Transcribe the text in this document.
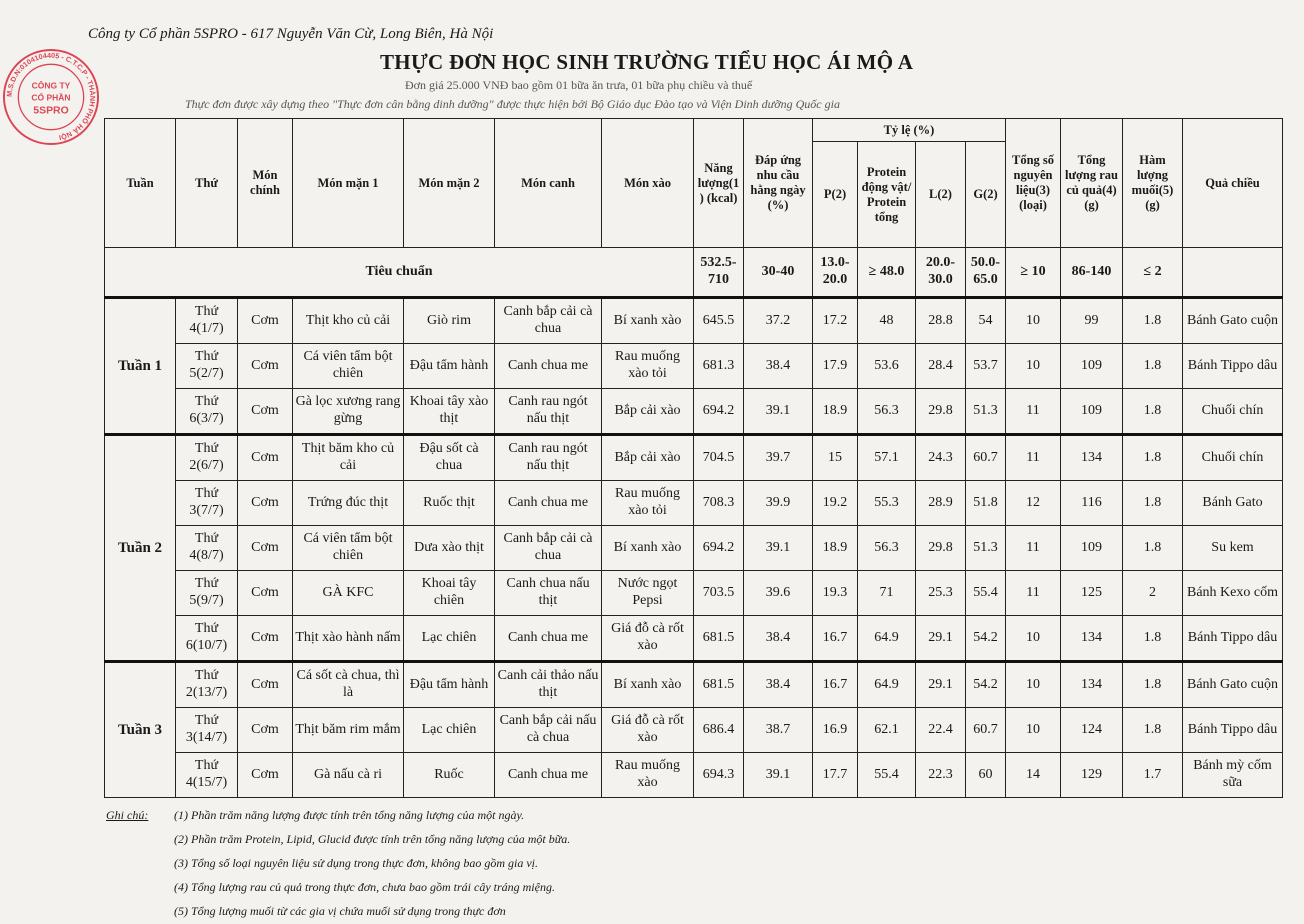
Công ty Cổ phần 5SPRO - 617 Nguyễn Văn Cừ, Long Biên, Hà Nội
THỰC ĐƠN HỌC SINH TRƯỜNG TIỂU HỌC ÁI MỘ A
Đơn giá 25.000 VNĐ bao gồm 01 bữa ăn trưa, 01 bữa phụ chiều và thuế
Thực đơn được xây dựng theo "Thực đơn cân bằng dinh dưỡng" được thực hiện bởi Bộ Giáo dục Đào tạo và Viện Dinh dưỡng Quốc gia
Tuần	Thứ	Món chính	Món mặn 1	Món mặn 2	Món canh	Món xào	Năng lượng(1) (kcal)	Đáp ứng nhu cầu hằng ngày (%)	Tỷ lệ (%)				Tổng số nguyên liệu(3) (loại)	Tổng lượng rau củ quả(4) (g)	Hàm lượng muối(5) (g)	Quả chiều
									P(2)	Protein động vật/ Protein tổng	L(2)	G(2)				
Tiêu chuẩn							532.5-710	30-40	13.0-20.0	≥ 48.0	20.0-30.0	50.0-65.0	≥ 10	86-140	≤ 2	
Tuần 1	Thứ 4(1/7)	Cơm	Thịt kho củ cải	Giò rim	Canh bắp cải cà chua	Bí xanh xào	645.5	37.2	17.2	48	28.8	54	10	99	1.8	Bánh Gato cuộn
	Thứ 5(2/7)	Cơm	Cá viên tẩm bột chiên	Đậu tẩm hành	Canh chua me	Rau muống xào tỏi	681.3	38.4	17.9	53.6	28.4	53.7	10	109	1.8	Bánh Tippo dâu
	Thứ 6(3/7)	Cơm	Gà lọc xương rang gừng	Khoai tây xào thịt	Canh rau ngót nấu thịt	Bắp cải xào	694.2	39.1	18.9	56.3	29.8	51.3	11	109	1.8	Chuối chín
Tuần 2	Thứ 2(6/7)	Cơm	Thịt băm kho củ cải	Đậu sốt cà chua	Canh rau ngót nấu thịt	Bắp cải xào	704.5	39.7	15	57.1	24.3	60.7	11	134	1.8	Chuối chín
	Thứ 3(7/7)	Cơm	Trứng đúc thịt	Ruốc thịt	Canh chua me	Rau muống xào tỏi	708.3	39.9	19.2	55.3	28.9	51.8	12	116	1.8	Bánh Gato
	Thứ 4(8/7)	Cơm	Cá viên tẩm bột chiên	Dưa xào thịt	Canh bắp cải cà chua	Bí xanh xào	694.2	39.1	18.9	56.3	29.8	51.3	11	109	1.8	Su kem
	Thứ 5(9/7)	Cơm	GÀ KFC	Khoai tây chiên	Canh chua nấu thịt	Nước ngọt Pepsi	703.5	39.6	19.3	71	25.3	55.4	11	125	2	Bánh Kexo cốm
	Thứ 6(10/7)	Cơm	Thịt xào hành nấm	Lạc chiên	Canh chua me	Giá đỗ cà rốt xào	681.5	38.4	16.7	64.9	29.1	54.2	10	134	1.8	Bánh Tippo dâu
Tuần 3	Thứ 2(13/7)	Cơm	Cá sốt cà chua, thì là	Đậu tẩm hành	Canh cải thảo nấu thịt	Bí xanh xào	681.5	38.4	16.7	64.9	29.1	54.2	10	134	1.8	Bánh Gato cuộn
	Thứ 3(14/7)	Cơm	Thịt băm rim mắm	Lạc chiên	Canh bắp cải nấu cà chua	Giá đỗ cà rốt xào	686.4	38.7	16.9	62.1	22.4	60.7	10	124	1.8	Bánh Tippo dâu
	Thứ 4(15/7)	Cơm	Gà nấu cà ri	Ruốc	Canh chua me	Rau muống xào	694.3	39.1	17.7	55.4	22.3	60	14	129	1.7	Bánh mỳ cốm sữa
M.S.D.N:0104104405 - C.T.C.P - THÀNH PHỐ HÀ NỘI
CÔNG TY
CỔ PHẦN
5SPRO
Ghi chú: (1) Phần trăm năng lượng được tính trên tổng năng lượng của một ngày.
(2) Phần trăm Protein, Lipid, Glucid được tính trên tổng năng lượng của một bữa.
(3) Tổng số loại nguyên liệu sử dụng trong thực đơn, không bao gồm gia vị.
(4) Tổng lượng rau củ quả trong thực đơn, chưa bao gồm trái cây tráng miệng.
(5) Tổng lượng muối từ các gia vị chứa muối sử dụng trong thực đơn
